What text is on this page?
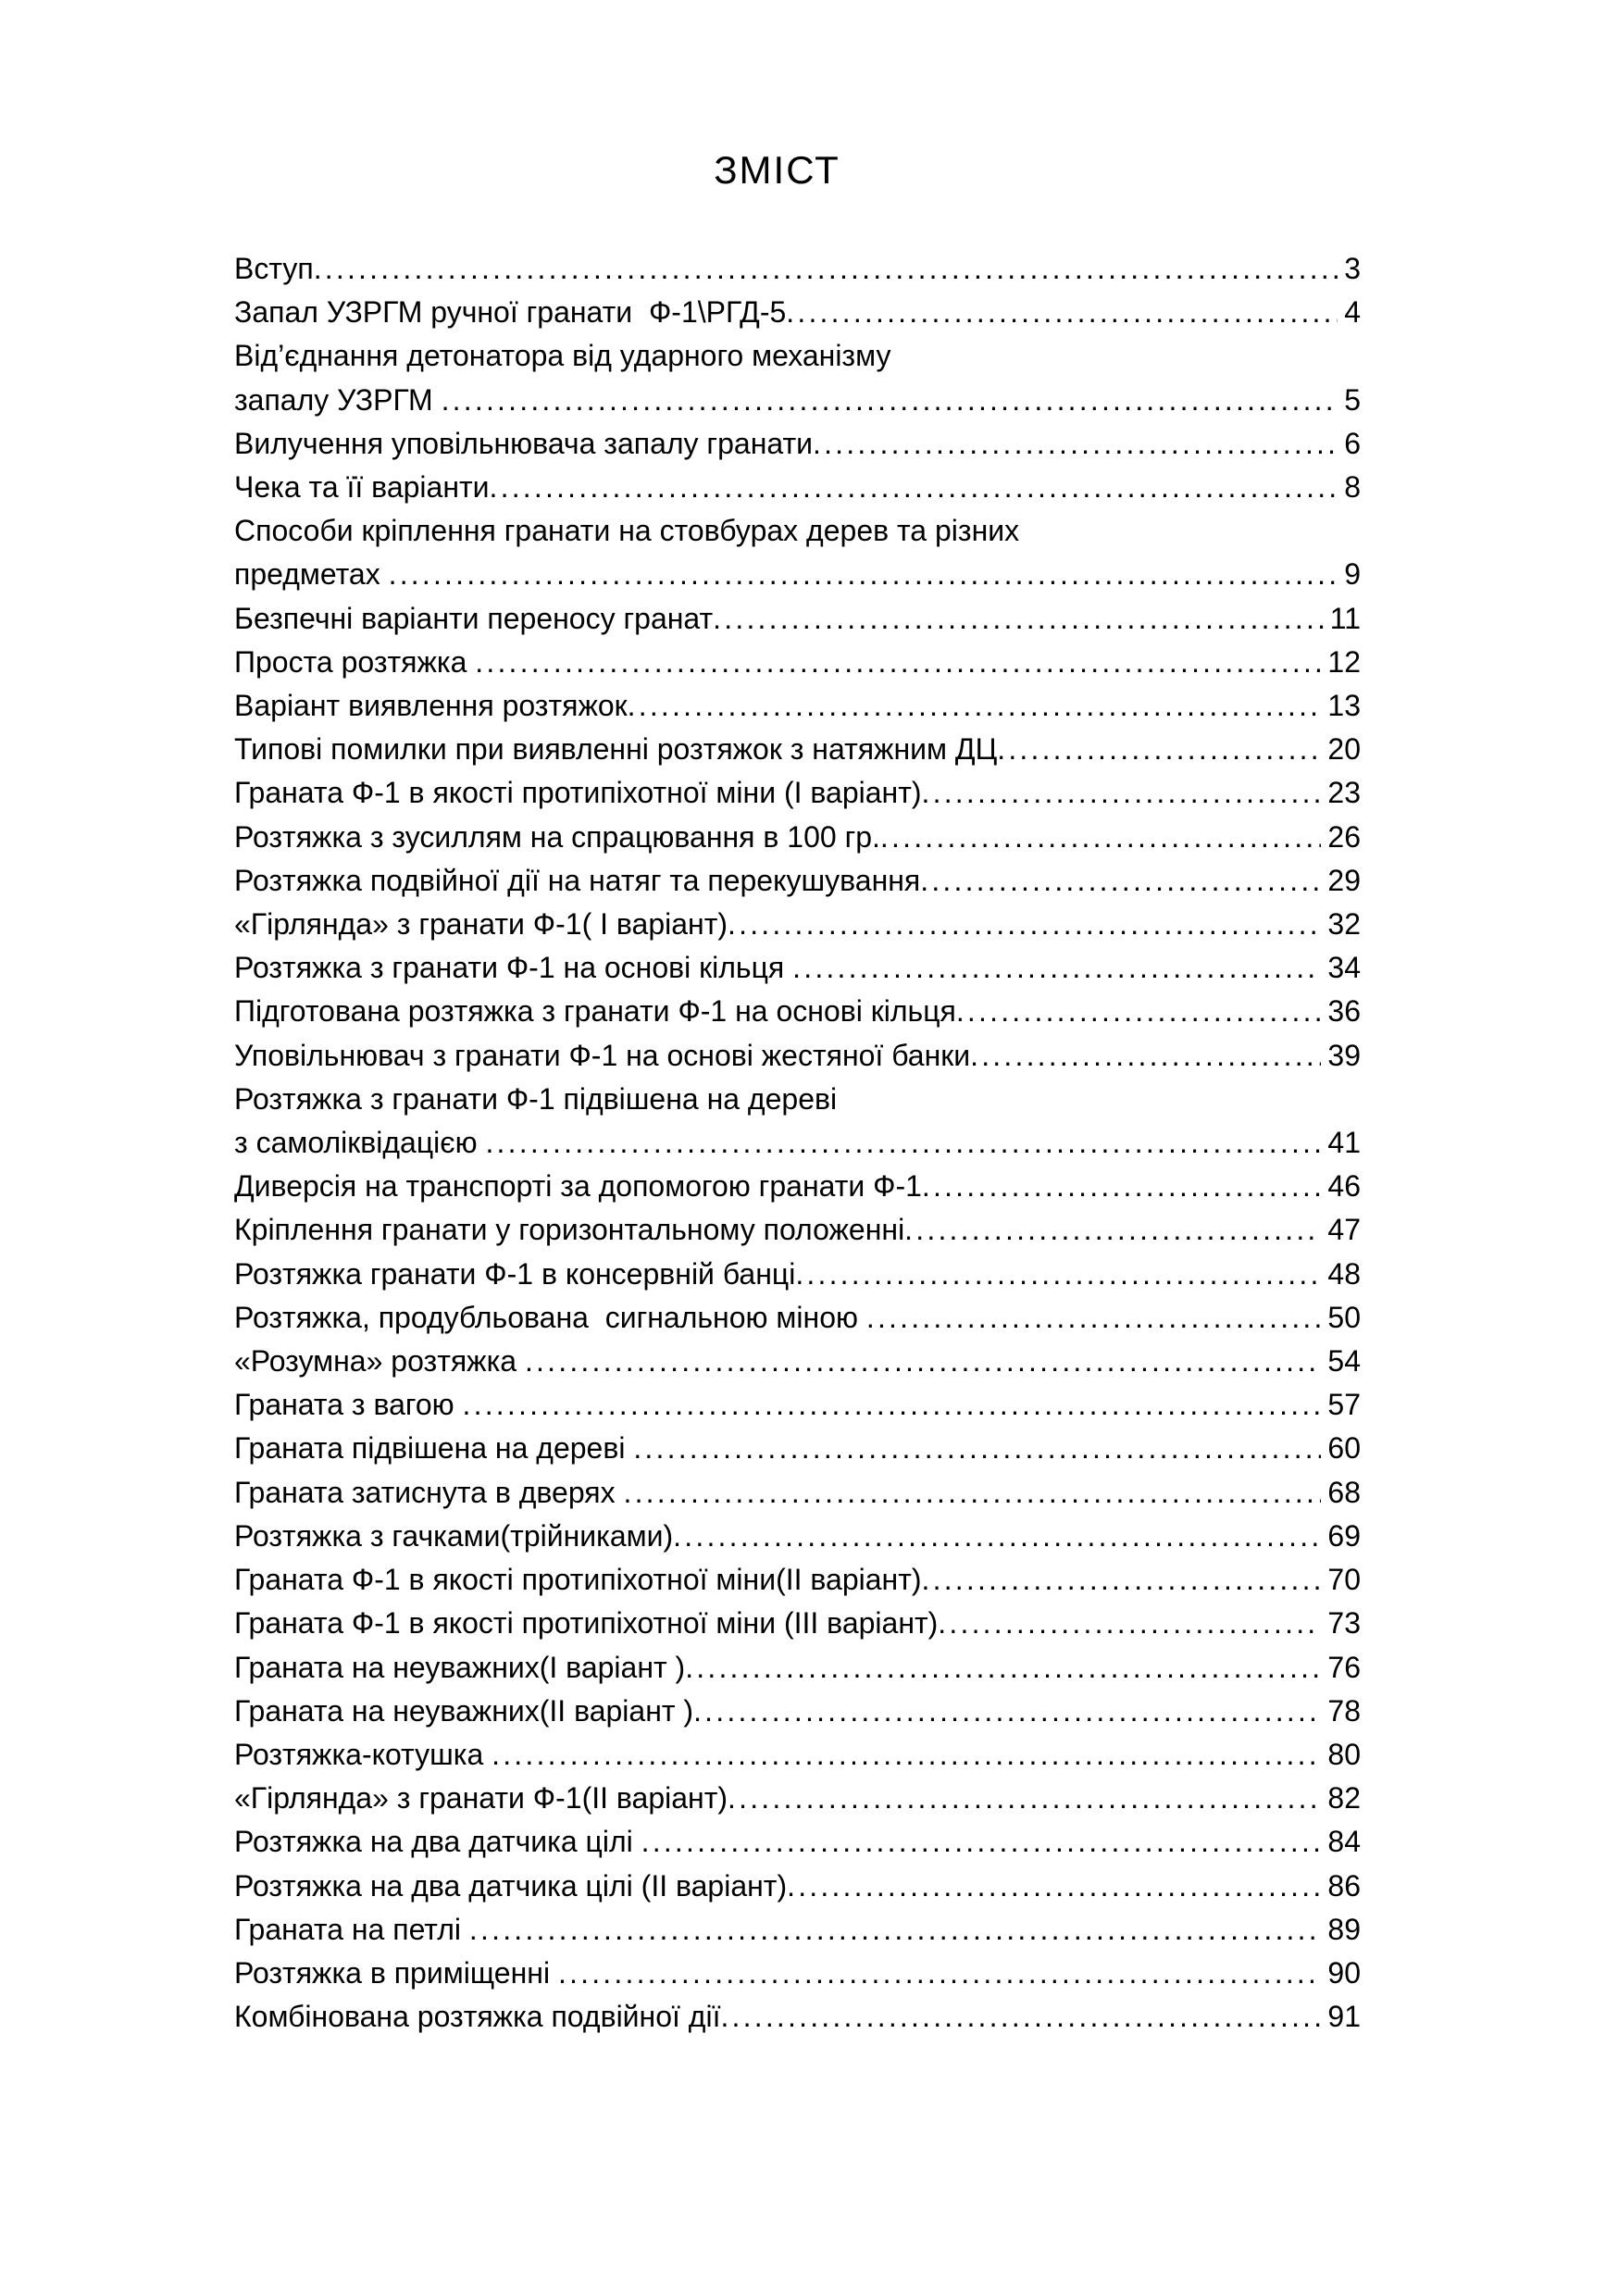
ЗМІСТ
Вступ .....	3
Запал УЗРГМ ручної гранати  Ф-1\РГД-5 .....	4
Від’єднання детонатора від ударного механізму
запалу УЗРГМ .....	5
Вилучення уповільнювача запалу гранати .....	6
Чека та її варіанти .....	8
Способи кріплення гранати на стовбурах дерев та різних
предметах .....	9
Безпечні варіанти переносу гранат .....	11
Проста розтяжка .....	12
Варіант виявлення розтяжок .....	13
Типові помилки при виявленні розтяжок з натяжним ДЦ .....	20
Граната Ф-1 в якості протипіхотної міни (І варіант) .....	23
Розтяжка з зусиллям на спрацювання в 100 гр. .....	26
Розтяжка подвійної дії на натяг та перекушування .....	29
«Гірлянда» з гранати Ф-1( І варіант) .....	32
Розтяжка з гранати Ф-1 на основі кільця .....	34
Підготована розтяжка з гранати Ф-1 на основі кільця .....	36
Уповільнювач з гранати Ф-1 на основі жестяної банки .....	39
Розтяжка з гранати Ф-1 підвішена на дереві
з самоліквідацією .....	41
Диверсія на транспорті за допомогою гранати Ф-1 .....	46
Кріплення гранати у горизонтальному положенні .....	47
Розтяжка гранати Ф-1 в консервній банці .....	48
Розтяжка, продубльована  сигнальною міною .....	50
«Розумна» розтяжка .....	54
Граната з вагою .....	57
Граната підвішена на дереві .....	60
Граната затиснута в дверях .....	68
Розтяжка з гачками(трійниками) .....	69
Граната Ф-1 в якості протипіхотної міни(ІІ варіант) .....	70
Граната Ф-1 в якості протипіхотної міни (ІІІ варіант) .....	73
Граната на неуважних(І варіант ) .....	76
Граната на неуважних(ІІ варіант ) .....	78
Розтяжка-котушка .....	80
«Гірлянда» з гранати Ф-1(ІІ варіант) .....	82
Розтяжка на два датчика цілі .....	84
Розтяжка на два датчика цілі (ІІ варіант) .....	86
Граната на петлі .....	89
Розтяжка в приміщенні .....	90
Комбінована розтяжка подвійної дії .....	91
